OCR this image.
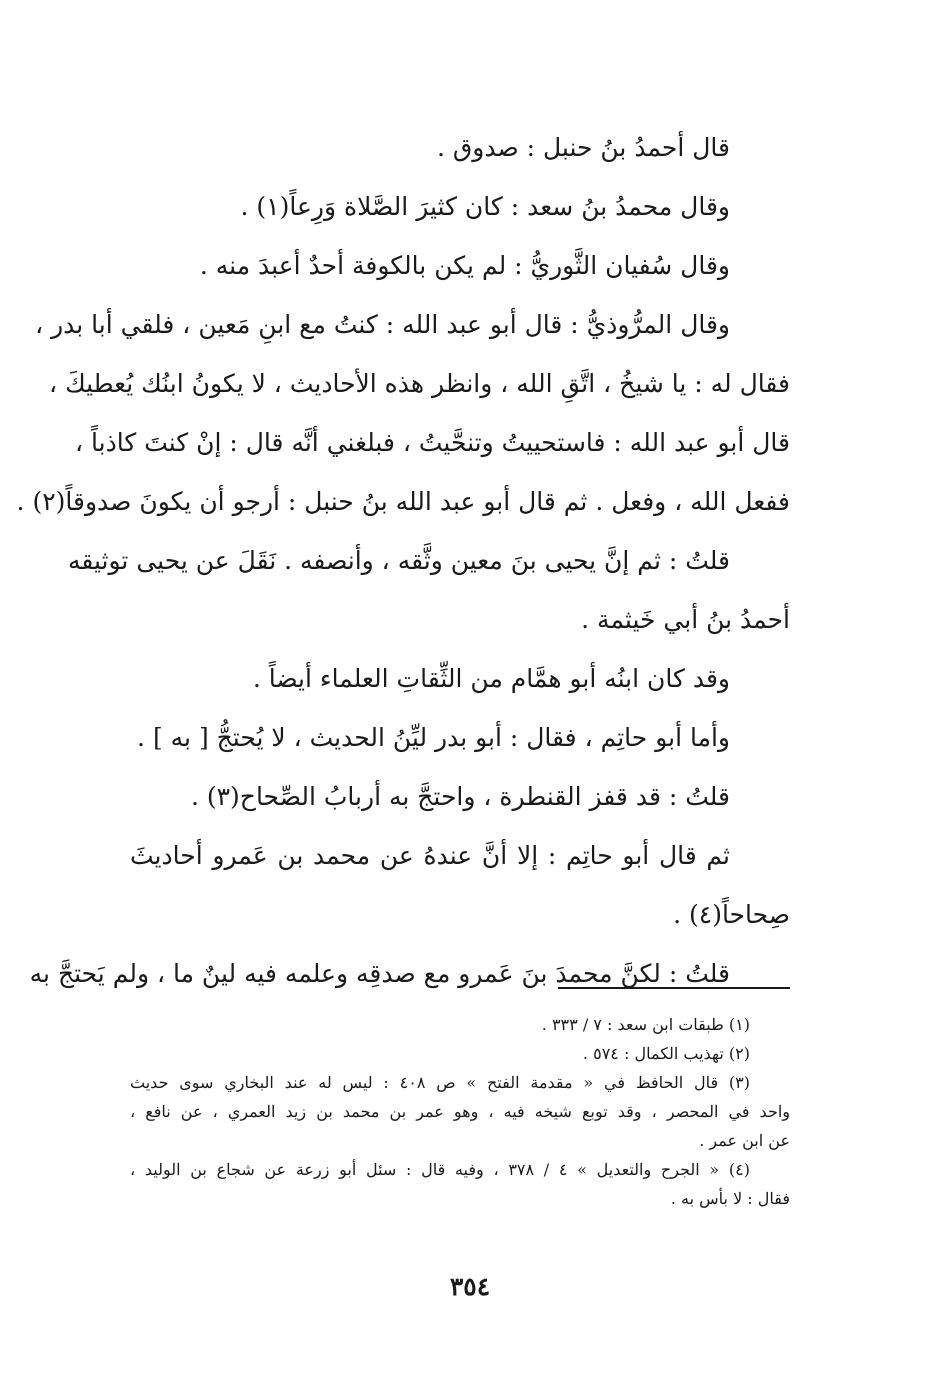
قال أحمدُ بنُ حنبل : صدوق .
وقال محمدُ بنُ سعد : كان كثيرَ الصَّلاة وَرِعاً(١) .
وقال سُفيان الثَّوريُّ : لم يكن بالكوفة أحدٌ أعبدَ منه .
وقال المرُّوذيُّ : قال أبو عبد الله : كنتُ مع ابنِ مَعين ، فلقي أبا بدر ،
فقال له : يا شيخُ ، اتَّقِ الله ، وانظر هذه الأحاديث ، لا يكونُ ابنُك يُعطيكَ ،
قال أبو عبد الله : فاستحييتُ وتنحَّيتُ ، فبلغني أنَّه قال : إنْ كنتَ كاذباً ،
ففعل الله ، وفعل . ثم قال أبو عبد الله بنُ حنبل : أرجو أن يكونَ صدوقاً(٢) .
قلتُ : ثم إنَّ يحيى بنَ معين وثَّقه ، وأنصفه . نَقَلَ عن يحيى توثيقه
أحمدُ بنُ أبي خَيثمة .
وقد كان ابنُه أبو همَّام من الثِّقاتِ العلماء أيضاً .
وأما أبو حاتِم ، فقال : أبو بدر ليِّنُ الحديث ، لا يُحتجُّ [ به ] .
قلتُ : قد قفز القنطرة ، واحتجَّ به أربابُ الصِّحاح(٣) .
ثم قال أبو حاتِم : إلا أنَّ عندهُ عن محمد بن عَمرو أحاديثَ
صِحاحاً(٤) .
قلتُ : لكنَّ محمدَ بنَ عَمرو مع صدقِه وعلمه فيه لينٌ ما ، ولم يَحتجَّ به
(١) طبقات ابن سعد : ٧ / ٣٣٣ .
(٢) تهذيب الكمال : ٥٧٤ .
(٣) قال الحافظ في « مقدمة الفتح » ص ٤٠٨ : ليس له عند البخاري سوى حديث
واحد في المحصر ، وقد توبع شيخه فيه ، وهو عمر بن محمد بن زيد العمري ، عن نافع ،
عن ابن عمر .
(٤) « الجرح والتعديل » ٤ / ٣٧٨ ، وفيه قال : سئل أبو زرعة عن شجاع بن الوليد ،
فقال : لا بأس به .
٣٥٤
